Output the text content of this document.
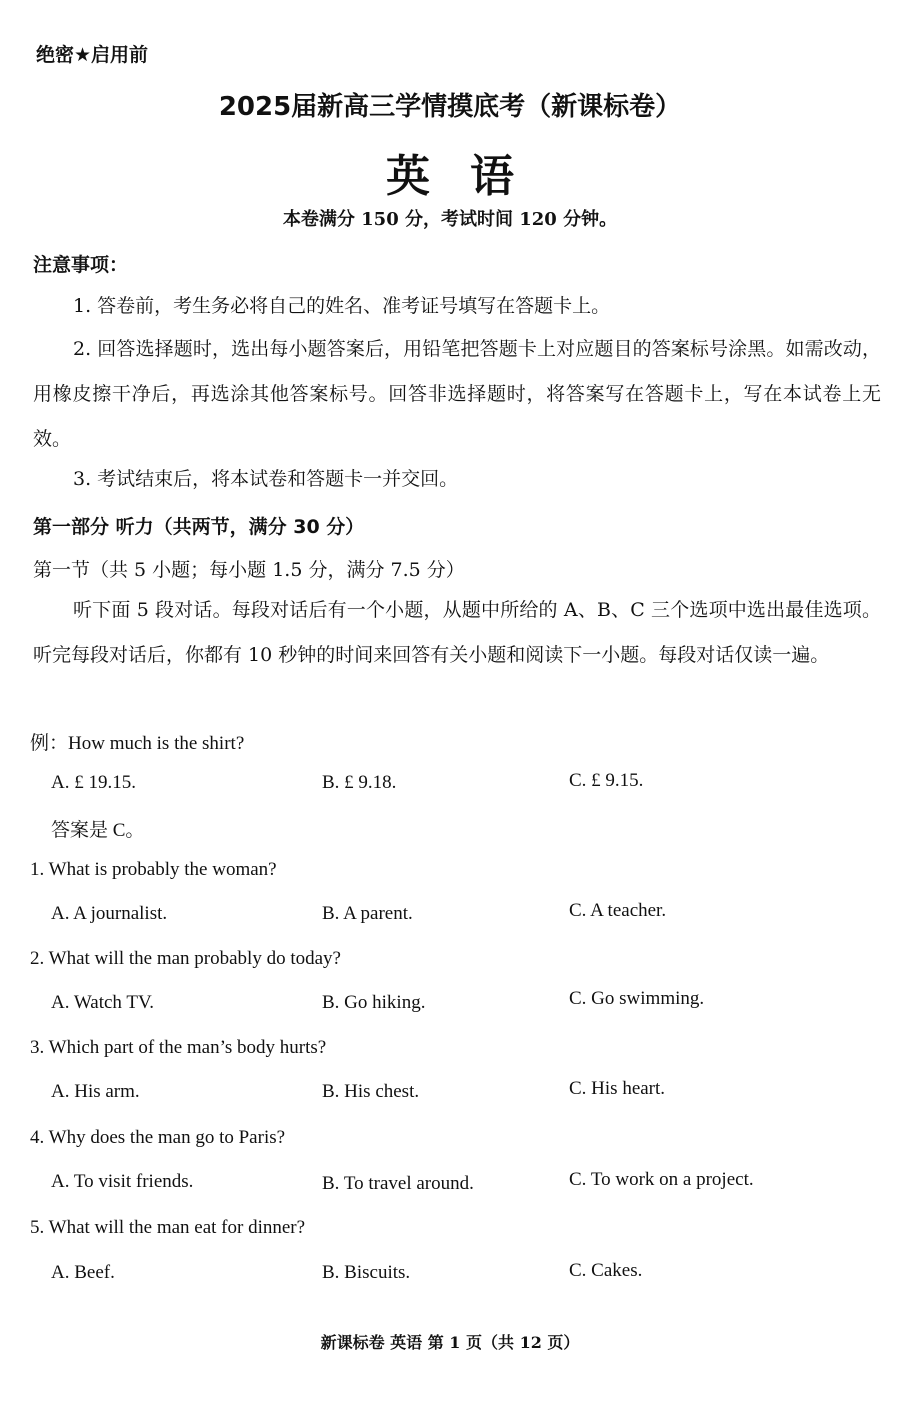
绝密★启用前
2025届新高三学情摸底考（新课标卷）
英语
本卷满分 150 分，考试时间 120 分钟。
注意事项：
1. 答卷前，考生务必将自己的姓名、准考证号填写在答题卡上。
2. 回答选择题时，选出每小题答案后，用铅笔把答题卡上对应题目的答案标号涂黑。如需改动，用橡皮擦干净后，再选涂其他答案标号。回答非选择题时，将答案写在答题卡上，写在本试卷上无效。
3. 考试结束后，将本试卷和答题卡一并交回。
第一部分 听力（共两节，满分 30 分）
第一节（共 5 小题；每小题 1.5 分，满分 7.5 分）
听下面 5 段对话。每段对话后有一个小题，从题中所给的 A、B、C 三个选项中选出最佳选项。听完每段对话后，你都有 10 秒钟的时间来回答有关小题和阅读下一小题。每段对话仅读一遍。
例：How much is the shirt?
A. £ 19.15.	B. £ 9.18.	C. £ 9.15.
答案是 C。
1. What is probably the woman?
A. A journalist.	B. A parent.	C. A teacher.
2. What will the man probably do today?
A. Watch TV.	B. Go hiking.	C. Go swimming.
3. Which part of the man’s body hurts?
A. His arm.	B. His chest.	C. His heart.
4. Why does the man go to Paris?
A. To visit friends.	B. To travel around.	C. To work on a project.
5. What will the man eat for dinner?
A. Beef.	B. Biscuits.	C. Cakes.
新课标卷 英语 第 1 页（共 12 页）
